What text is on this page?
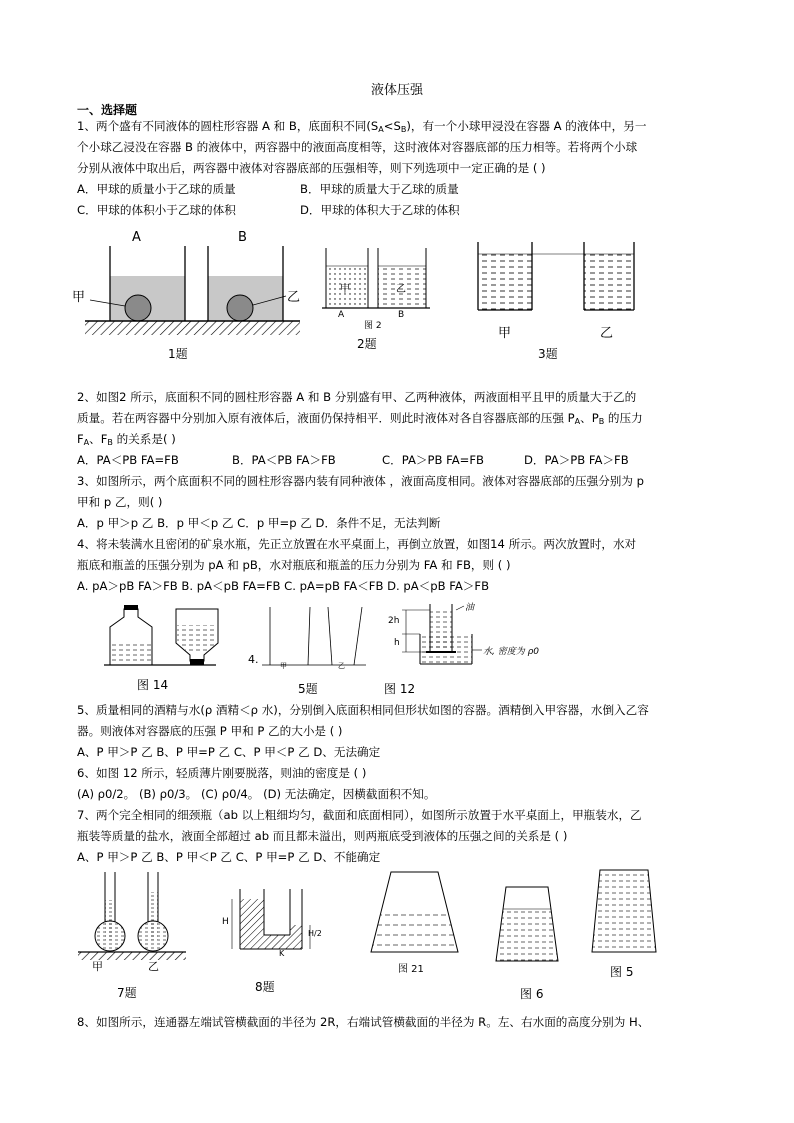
液体压强
一、选择题
1、两个盛有不同液体的圆柱形容器 A 和 B，底面积不同$(S_A<S_B)$，有一个小球甲浸没在容器 A 的液体中，另一
个小球乙浸没在容器 B 的液体中，两容器中的液面高度相等，这时液体对容器底部的压力相等。若将两个小球
分别从液体中取出后，两容器中液体对容器底部的压强相等，则下列选项中一定正确的是 ( )
A．甲球的质量小于乙球的质量	B．甲球的质量大于乙球的质量
C．甲球的体积小于乙球的体积	D．甲球的体积大于乙球的体积
A	B
甲	乙
1题
甲	乙
A	B
图 2
2题
甲	乙
3题
2、如图2 所示，底面积不同的圆柱形容器 A 和 B 分别盛有甲、乙两种液体，两液面相平且甲的质量大于乙的
质量。若在两容器中分别加入原有液体后，液面仍保持相平．则此时液体对各自容器底部的压强 $P_A$、$P_B$ 的压力
$F_A$、$F_B$ 的关系是( )
A．PA＜PB FA=FB	B．PA＜PB FA＞FB	C．PA＞PB FA=FB	D．PA＞PB FA＞FB
3、如图所示，两个底面积不同的圆柱形容器内装有同种液体 ，液面高度相同。液体对容器底部的压强分别为 p
甲和 p 乙，则( )
A．p 甲＞p 乙 B．p 甲＜p 乙 C．p 甲=p 乙 D．条件不足，无法判断
4、将未装满水且密闭的矿泉水瓶，先正立放置在水平桌面上，再倒立放置，如图14 所示。两次放置时，水对
瓶底和瓶盖的压强分别为 pA 和 pB，水对瓶底和瓶盖的压力分别为 FA 和 FB，则 ( )
A. pA＞pB FA＞FB B. pA＜pB FA=FB C. pA=pB FA＜FB D. pA＜pB FA＞FB
图 14
4.	甲	乙
5题
2h
h
油
水, 密度为 ρ0
图 12
5、质量相同的酒精与水(ρ 酒精＜ρ 水)，分别倒入底面积相同但形状如图的容器。酒精倒入甲容器，水倒入乙容
器。则液体对容器底的压强 P 甲和 P 乙的大小是 ( )
A、P 甲＞P 乙 B、P 甲=P 乙 C、P 甲＜P 乙 D、无法确定
6、如图 12 所示，轻质薄片刚要脱落，则油的密度是 ( )
(A) ρ0/2。 (B) ρ0/3。 (C) ρ0/4。 (D) 无法确定，因横截面积不知。
7、两个完全相同的细颈瓶（ab 以上粗细均匀，截面和底面相同），如图所示放置于水平桌面上，甲瓶装水，乙
瓶装等质量的盐水，液面全部超过 ab 而且都未溢出，则两瓶底受到液体的压强之间的关系是 ( )
A、P 甲＞P 乙 B、P 甲＜P 乙 C、P 甲=P 乙 D、不能确定
甲	乙
7题
H
H/2
K
8题
图 21
图 6
图 5
8、如图所示，连通器左端试管横截面的半径为 2R，右端试管横截面的半径为 R。左、右水面的高度分别为 H、
